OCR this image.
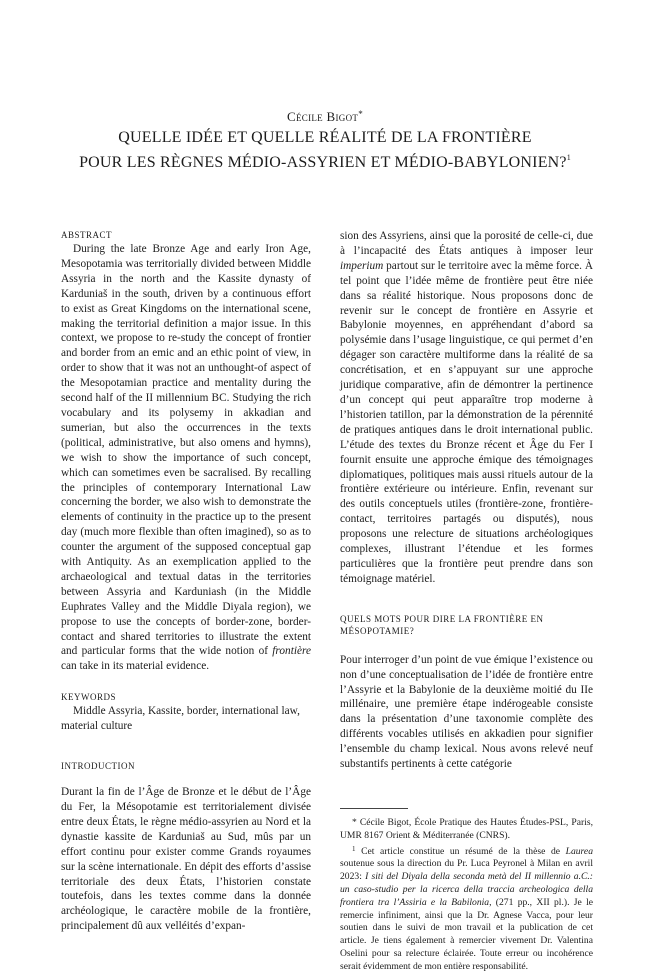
Cécile Bigot*
QUELLE IDÉE ET QUELLE RÉALITÉ DE LA FRONTIÈRE
POUR LES RÈGNES MÉDIO-ASSYRIEN ET MÉDIO-BABYLONIEN?$^1$
ABSTRACT

During the late Bronze Age and early Iron Age, Mesopotamia was territorially divided between Middle Assyria in the north and the Kassite dynasty of Karduniaš in the south, driven by a continuous effort to exist as Great Kingdoms on the international scene, making the territorial definition a major issue. In this context, we propose to re-study the concept of frontier and border from an emic and an ethic point of view, in order to show that it was not an unthought-of aspect of the Mesopotamian practice and mentality during the second half of the II millennium BC. Studying the rich vocabulary and its polysemy in akkadian and sumerian, but also the occurrences in the texts (political, administrative, but also omens and hymns), we wish to show the importance of such concept, which can sometimes even be sacralised. By recalling the principles of contemporary International Law concerning the border, we also wish to demonstrate the elements of continuity in the practice up to the present day (much more flexible than often imagined), so as to counter the argument of the supposed conceptual gap with Antiquity. As an exemplication applied to the archaeological and textual datas in the territories between Assyria and Karduniash (in the Middle Euphrates Valley and the Middle Diyala region), we propose to use the concepts of border-zone, border-contact and shared territories to illustrate the extent and particular forms that the wide notion of frontière can take in its material evidence.

KEYWORDS

Middle Assyria, Kassite, border, international law, material culture

INTRODUCTION

Durant la fin de l’Âge de Bronze et le début de l’Âge du Fer, la Mésopotamie est territorialement divisée entre deux États, le règne médio-assyrien au Nord et la dynastie kassite de Karduniaš au Sud, mûs par un effort continu pour exister comme Grands royaumes sur la scène internationale. En dépit des efforts d’assise territoriale des deux États, l’historien constate toutefois, dans les textes comme dans la donnée archéologique, le caractère mobile de la frontière, principalement dû aux velléités d’expan-

sion des Assyriens, ainsi que la porosité de celle-ci, due à l’incapacité des États antiques à imposer leur imperium partout sur le territoire avec la même force. À tel point que l’idée même de frontière peut être niée dans sa réalité historique. Nous proposons donc de revenir sur le concept de frontière en Assyrie et Babylonie moyennes, en appréhendant d’abord sa polysémie dans l’usage linguistique, ce qui permet d’en dégager son caractère multiforme dans la réalité de sa concrétisation, et en s’appuyant sur une approche juridique comparative, afin de démontrer la pertinence d’un concept qui peut apparaître trop moderne à l’historien tatillon, par la démonstration de la pérennité de pratiques antiques dans le droit international public. L’étude des textes du Bronze récent et Âge du Fer I fournit ensuite une approche émique des témoignages diplomatiques, politiques mais aussi rituels autour de la frontière extérieure ou intérieure. Enfin, revenant sur des outils conceptuels utiles (frontière-zone, frontière-contact, territoires partagés ou disputés), nous proposons une relecture de situations archéologiques complexes, illustrant l’étendue et les formes particulières que la frontière peut prendre dans son témoignage matériel.

QUELS MOTS POUR DIRE LA FRONTIÈRE EN MÉSOPOTAMIE?

Pour interroger d’un point de vue émique l’existence ou non d’une conceptualisation de l’idée de frontière entre l’Assyrie et la Babylonie de la deuxième moitié du IIe millénaire, une première étape indérogeable consiste dans la présentation d’une taxonomie complète des différents vocables utilisés en akkadien pour signifier l’ensemble du champ lexical. Nous avons relevé neuf substantifs pertinents à cette catégorie

* Cécile Bigot, École Pratique des Hautes Études-PSL, Paris, UMR 8167 Orient & Méditerranée (CNRS).

$^1$ Cet article constitue un résumé de la thèse de Laurea soutenue sous la direction du Pr. Luca Peyronel à Milan en avril 2023: I siti del Diyala della seconda metà del II millennio a.C.: un caso-studio per la ricerca della traccia archeologica della frontiera tra l’Assiria e la Babilonia, (271 pp., XII pl.). Je le remercie infiniment, ainsi que la Dr. Agnese Vacca, pour leur soutien dans le suivi de mon travail et la publication de cet article. Je tiens également à remercier vivement Dr. Valentina Oselini pour sa relecture éclairée. Toute erreur ou incohérence serait évidemment de mon entière responsabilité.
